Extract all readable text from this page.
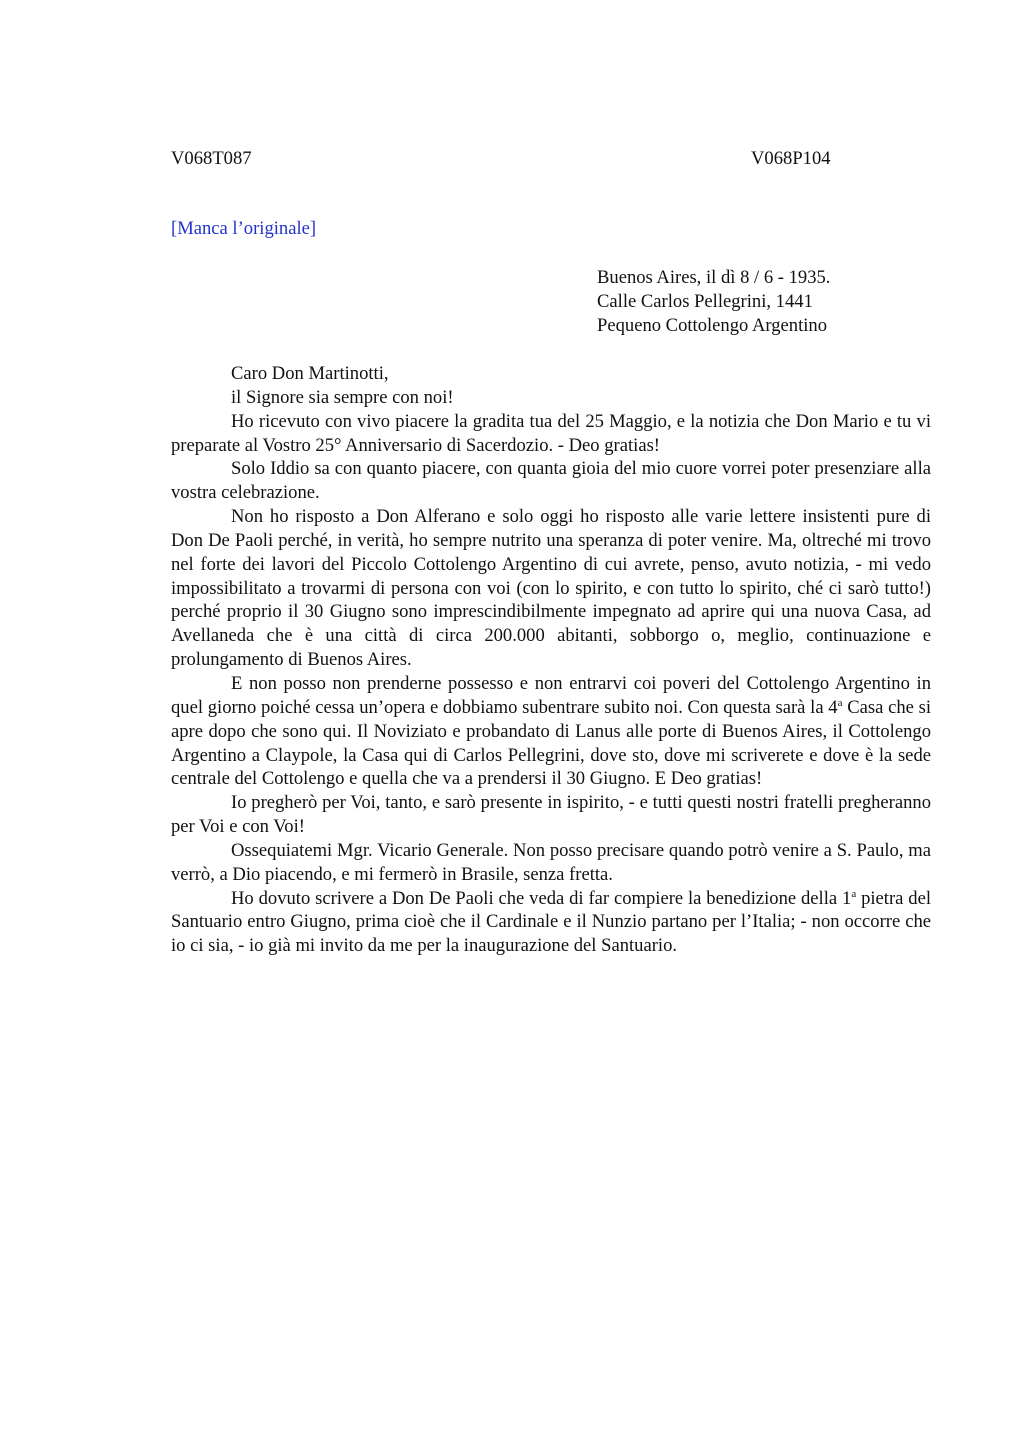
V068T087	V068P104
[Manca l’originale]
Buenos Aires, il dì 8 / 6 - 1935.
Calle Carlos Pellegrini, 1441
Pequeno Cottolengo Argentino

Caro Don Martinotti,

il Signore sia sempre con noi!

Ho ricevuto con vivo piacere la gradita tua del 25 Maggio, e la notizia che Don Mario e tu vi preparate al Vostro 25° Anniversario di Sacerdozio. - Deo gratias!

Solo Iddio sa con quanto piacere, con quanta gioia del mio cuore vorrei poter presenziare alla vostra celebrazione.

Non ho risposto a Don Alferano e solo oggi ho risposto alle varie lettere insistenti pure di Don De Paoli perché, in verità, ho sempre nutrito una speranza di poter venire. Ma, oltreché mi trovo nel forte dei lavori del Piccolo Cottolengo Argentino di cui avrete, penso, avuto notizia, - mi vedo impossibilitato a trovarmi di persona con voi (con lo spirito, e con tutto lo spirito, ché ci sarò tutto!) perché proprio il 30 Giugno sono imprescindibilmente impegnato ad aprire qui una nuova Casa, ad Avellaneda che è una città di circa 200.000 abitanti, sobborgo o, meglio, continuazione e prolungamento di Buenos Aires.

E non posso non prenderne possesso e non entrarvi coi poveri del Cottolengo Argentino in quel giorno poiché cessa un’opera e dobbiamo subentrare subito noi. Con questa sarà la 4$^a$ Casa che si apre dopo che sono qui. Il Noviziato e probandato di Lanus alle porte di Buenos Aires, il Cottolengo Argentino a Claypole, la Casa qui di Carlos Pellegrini, dove sto, dove mi scriverete e dove è la sede centrale del Cottolengo e quella che va a prendersi il 30 Giugno. E Deo gratias!

Io pregherò per Voi, tanto, e sarò presente in ispirito, - e tutti questi nostri fratelli pregheranno per Voi e con Voi!

Ossequiatemi Mgr. Vicario Generale. Non posso precisare quando potrò venire a S. Paulo, ma verrò, a Dio piacendo, e mi fermerò in Brasile, senza fretta.

Ho dovuto scrivere a Don De Paoli che veda di far compiere la benedizione della 1$^a$ pietra del Santuario entro Giugno, prima cioè che il Cardinale e il Nunzio partano per l’Italia; - non occorre che io ci sia, - io già mi invito da me per la inaugurazione del Santuario.
